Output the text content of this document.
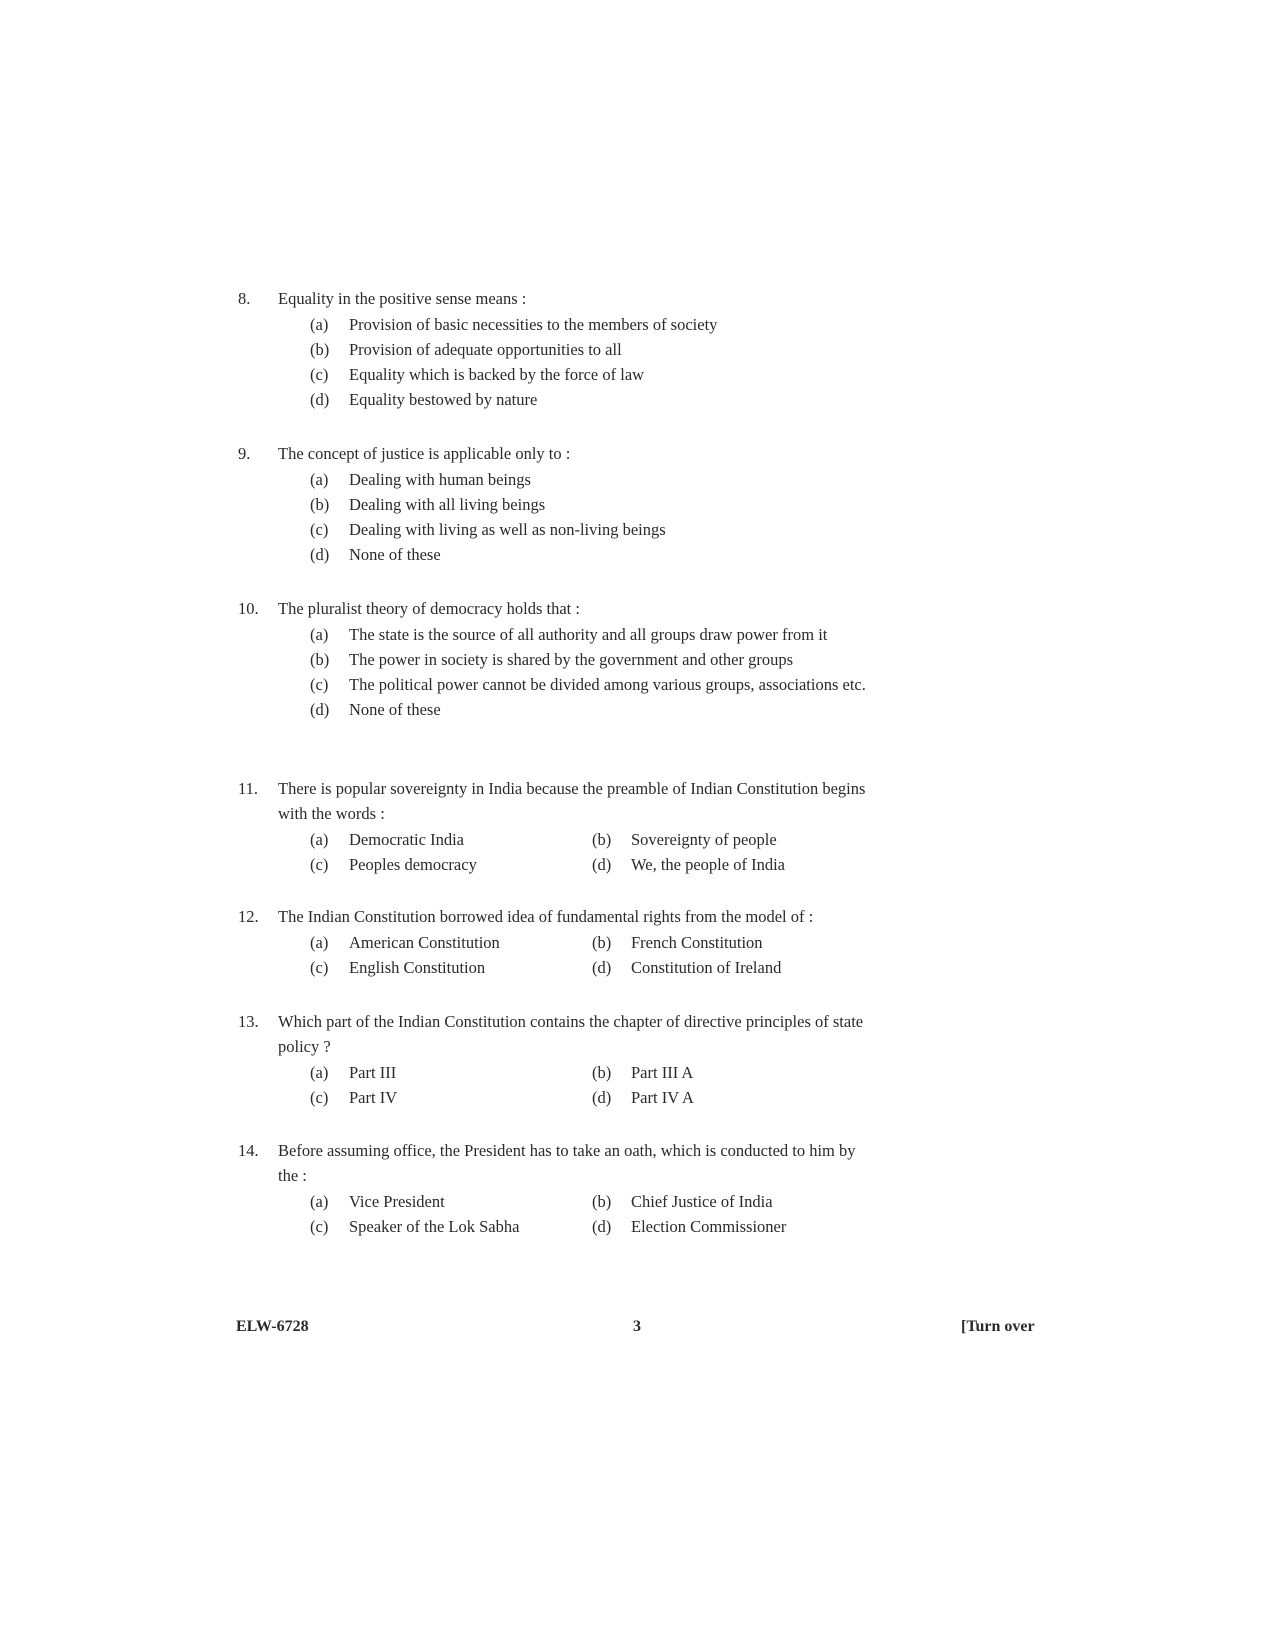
8.	Equality in the positive sense means :
(a)	Provision of basic necessities to the members of society
(b)	Provision of adequate opportunities to all
(c)	Equality which is backed by the force of law
(d)	Equality bestowed by nature
9.	The concept of justice is applicable only to :
(a)	Dealing with human beings
(b)	Dealing with all living beings
(c)	Dealing with living as well as non-living beings
(d)	None of these
10.	The pluralist theory of democracy holds that :
(a)	The state is the source of all authority and all groups draw power from it
(b)	The power in society is shared by the government and other groups
(c)	The political power cannot be divided among various groups, associations etc.
(d)	None of these
11.	There is popular sovereignty in India because the preamble of Indian Constitution begins with the words :
(a)	Democratic India	(b)	Sovereignty of people
(c)	Peoples democracy	(d)	We, the people of India
12.	The Indian Constitution borrowed idea of fundamental rights from the model of :
(a)	American Constitution	(b)	French Constitution
(c)	English Constitution	(d)	Constitution of Ireland
13.	Which part of the Indian Constitution contains the chapter of directive principles of state policy ?
(a)	Part III	(b)	Part III A
(c)	Part IV	(d)	Part IV A
14.	Before assuming office, the President has to take an oath, which is conducted to him by the :
(a)	Vice President	(b)	Chief Justice of India
(c)	Speaker of the Lok Sabha	(d)	Election Commissioner
ELW-6728	3	[Turn over
